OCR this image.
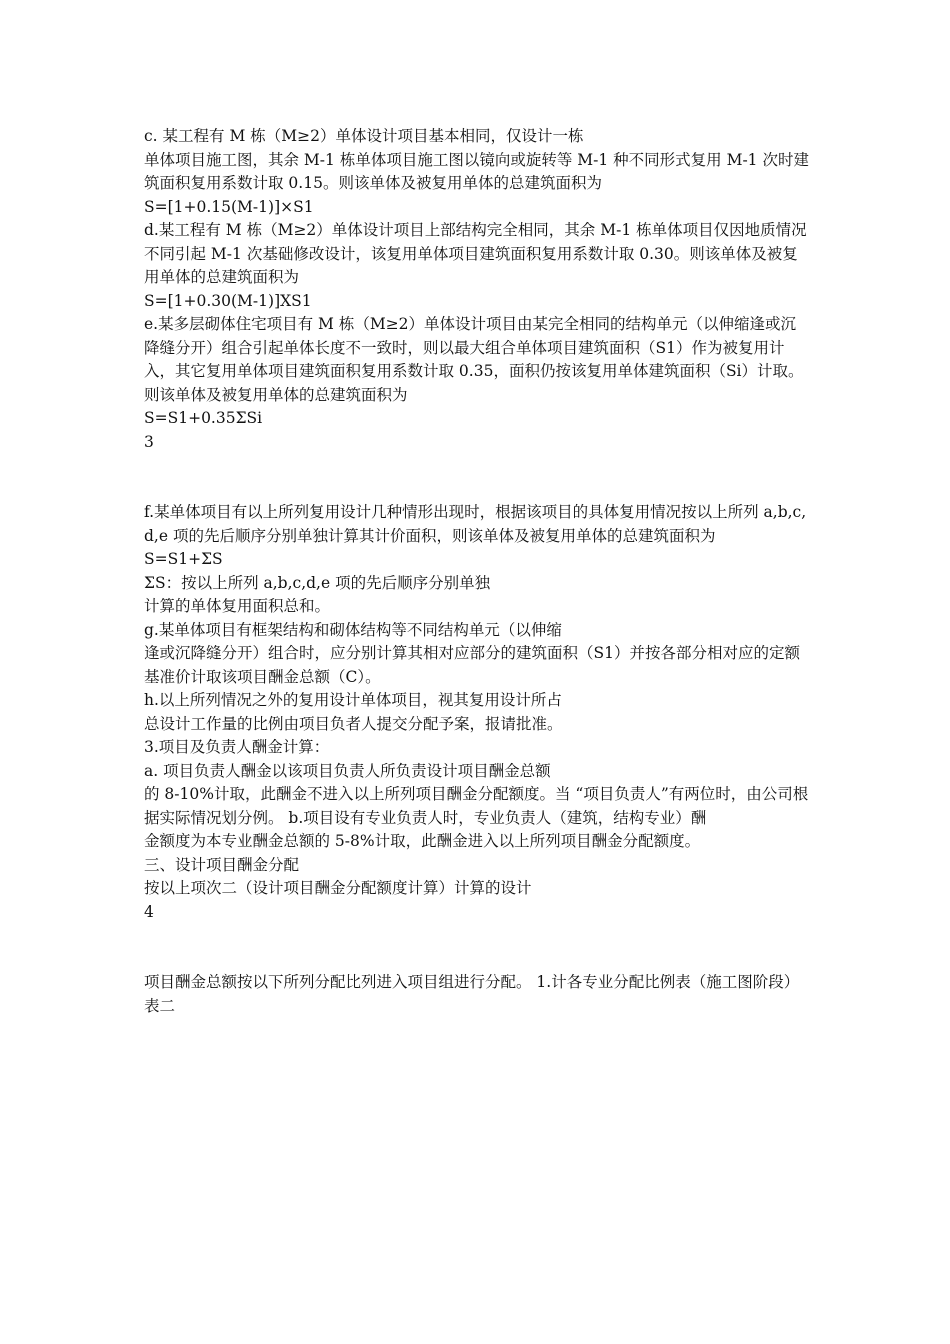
c. 某工程有 M 栋（M≥2）单体设计项目基本相同，仅设计一栋

单体项目施工图，其余 M-1 栋单体项目施工图以镜向或旋转等 M-1 种不同形式复用 M-1 次时建筑面积复用系数计取 0.15。则该单体及被复用单体的总建筑面积为

S=[1+0.15(M-1)]×S1

d.某工程有 M 栋（M≥2）单体设计项目上部结构完全相同，其余 M-1 栋单体项目仅因地质情况不同引起 M-1 次基础修改设计，该复用单体项目建筑面积复用系数计取 0.30。则该单体及被复用单体的总建筑面积为

S=[1+0.30(M-1)]XS1

e.某多层砌体住宅项目有 M 栋（M≥2）单体设计项目由某完全相同的结构单元（以伸缩逢或沉降缝分开）组合引起单体长度不一致时，则以最大组合单体项目建筑面积（S1）作为被复用计入，其它复用单体项目建筑面积复用系数计取 0.35，面积仍按该复用单体建筑面积（Si）计取。则该单体及被复用单体的总建筑面积为

S=S1+0.35ΣSi

3

f.某单体项目有以上所列复用设计几种情形出现时，根据该项目的具体复用情况按以上所列 a,b,c,d,e 项的先后顺序分别单独计算其计价面积，则该单体及被复用单体的总建筑面积为

S=S1+ΣS

ΣS：按以上所列 a,b,c,d,e 项的先后顺序分别单独

计算的单体复用面积总和。

g.某单体项目有框架结构和砌体结构等不同结构单元（以伸缩

逢或沉降缝分开）组合时，应分别计算其相对应部分的建筑面积（S1）并按各部分相对应的定额基准价计取该项目酬金总额（C）。

h.以上所列情况之外的复用设计单体项目，视其复用设计所占

总设计工作量的比例由项目负者人提交分配予案，报请批准。

3.项目及负责人酬金计算：

a. 项目负责人酬金以该项目负责人所负责设计项目酬金总额

的 8-10%计取，此酬金不进入以上所列项目酬金分配额度。当 “项目负责人”有两位时，由公司根据实际情况划分例。 b.项目设有专业负责人时，专业负责人（建筑，结构专业）酬

金额度为本专业酬金总额的 5-8%计取，此酬金进入以上所列项目酬金分配额度。

三、设计项目酬金分配

按以上项次二（设计项目酬金分配额度计算）计算的设计

4

项目酬金总额按以下所列分配比列进入项目组进行分配。 1.计各专业分配比例表（施工图阶段）　　表二
